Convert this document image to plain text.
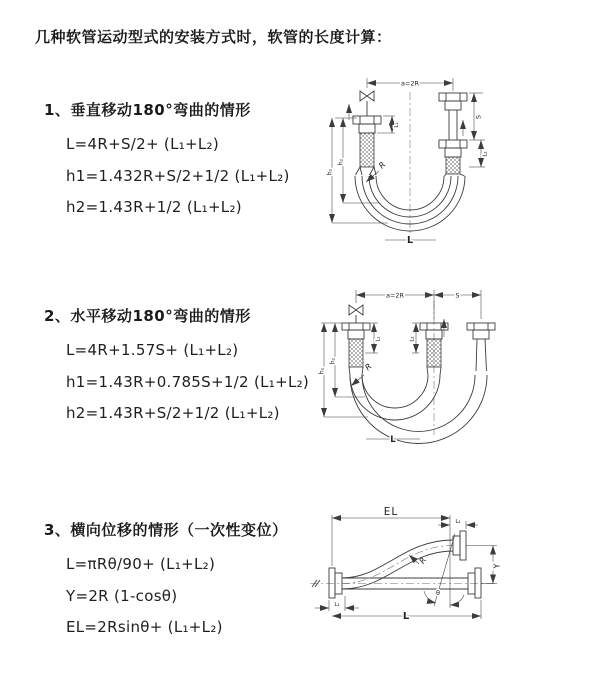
几种软管运动型式的安装方式时，软管的长度计算：
1、垂直移动180°弯曲的情形
L=4R+S/2+ (L₁+L₂)
h1=1.432R+S/2+1/2 (L₁+L₂)
h2=1.43R+1/2 (L₁+L₂)
2、水平移动180°弯曲的情形
L=4R+1.57S+ (L₁+L₂)
h1=1.43R+0.785S+1/2 (L₁+L₂)
h2=1.43R+S/2+1/2 (L₁+L₂)
3、横向位移的情形（一次性变位）
L=πRθ/90+ (L₁+L₂)
Y=2R (1-cosθ)
EL=2Rsinθ+ (L₁+L₂)
a=2R
R
h₁
h₂
L₁
S
L₂
L
a=2R	S
L₁	L₂
h₁
h₂
R
L
EL
L₂
Y
θ
R
L
L₁
